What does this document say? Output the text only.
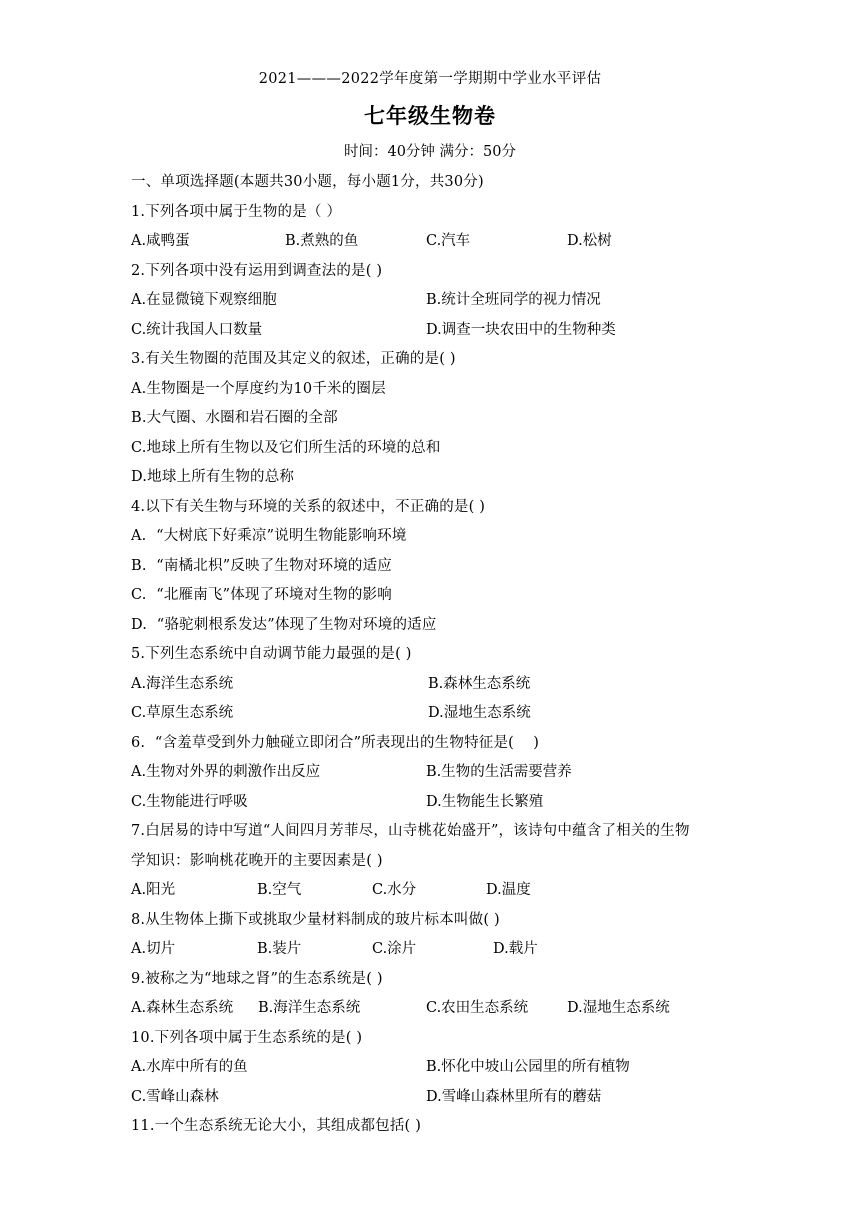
2021———2022学年度第一学期期中学业水平评估
七年级生物卷
时间：40分钟 满分：50分
一、单项选择题(本题共30小题，每小题1分，共30分)
1.下列各项中属于生物的是（ ）
A.咸鸭蛋	B.煮熟的鱼	C.汽车	D.松树
2.下列各项中没有运用到调查法的是( )
A.在显微镜下观察细胞	B.统计全班同学的视力情况
C.统计我国人口数量	D.调查一块农田中的生物种类
3.有关生物圈的范围及其定义的叙述，正确的是( )
A.生物圈是一个厚度约为10千米的圈层
B.大气圈、水圈和岩石圈的全部
C.地球上所有生物以及它们所生活的环境的总和
D.地球上所有生物的总称
4.以下有关生物与环境的关系的叙述中，不正确的是( )
A.  “大树底下好乘凉”说明生物能影响环境
B.  “南橘北枳”反映了生物对环境的适应
C.  “北雁南飞”体现了环境对生物的影响
D.  “骆驼刺根系发达”体现了生物对环境的适应
5.下列生态系统中自动调节能力最强的是( )
A.海洋生态系统	B.森林生态系统
C.草原生态系统	D.湿地生态系统
6.  “含羞草受到外力触碰立即闭合”所表现出的生物特征是(    )
A.生物对外界的刺激作出反应	B.生物的生活需要营养
C.生物能进行呼吸	D.生物能生长繁殖
7.白居易的诗中写道“人间四月芳菲尽，山寺桃花始盛开”，该诗句中蕴含了相关的生物
学知识：影响桃花晚开的主要因素是( )
A.阳光	B.空气	C.水分	D.温度
8.从生物体上撕下或挑取少量材料制成的玻片标本叫做( )
A.切片	B.装片	C.涂片	D.载片
9.被称之为“地球之肾”的生态系统是( )
A.森林生态系统 B.海洋生态系统	C.农田生态系统	D.湿地生态系统
10.下列各项中属于生态系统的是( )
A.水库中所有的鱼	B.怀化中坡山公园里的所有植物
C.雪峰山森林	D.雪峰山森林里所有的蘑菇
11.一个生态系统无论大小，其组成都包括( )
